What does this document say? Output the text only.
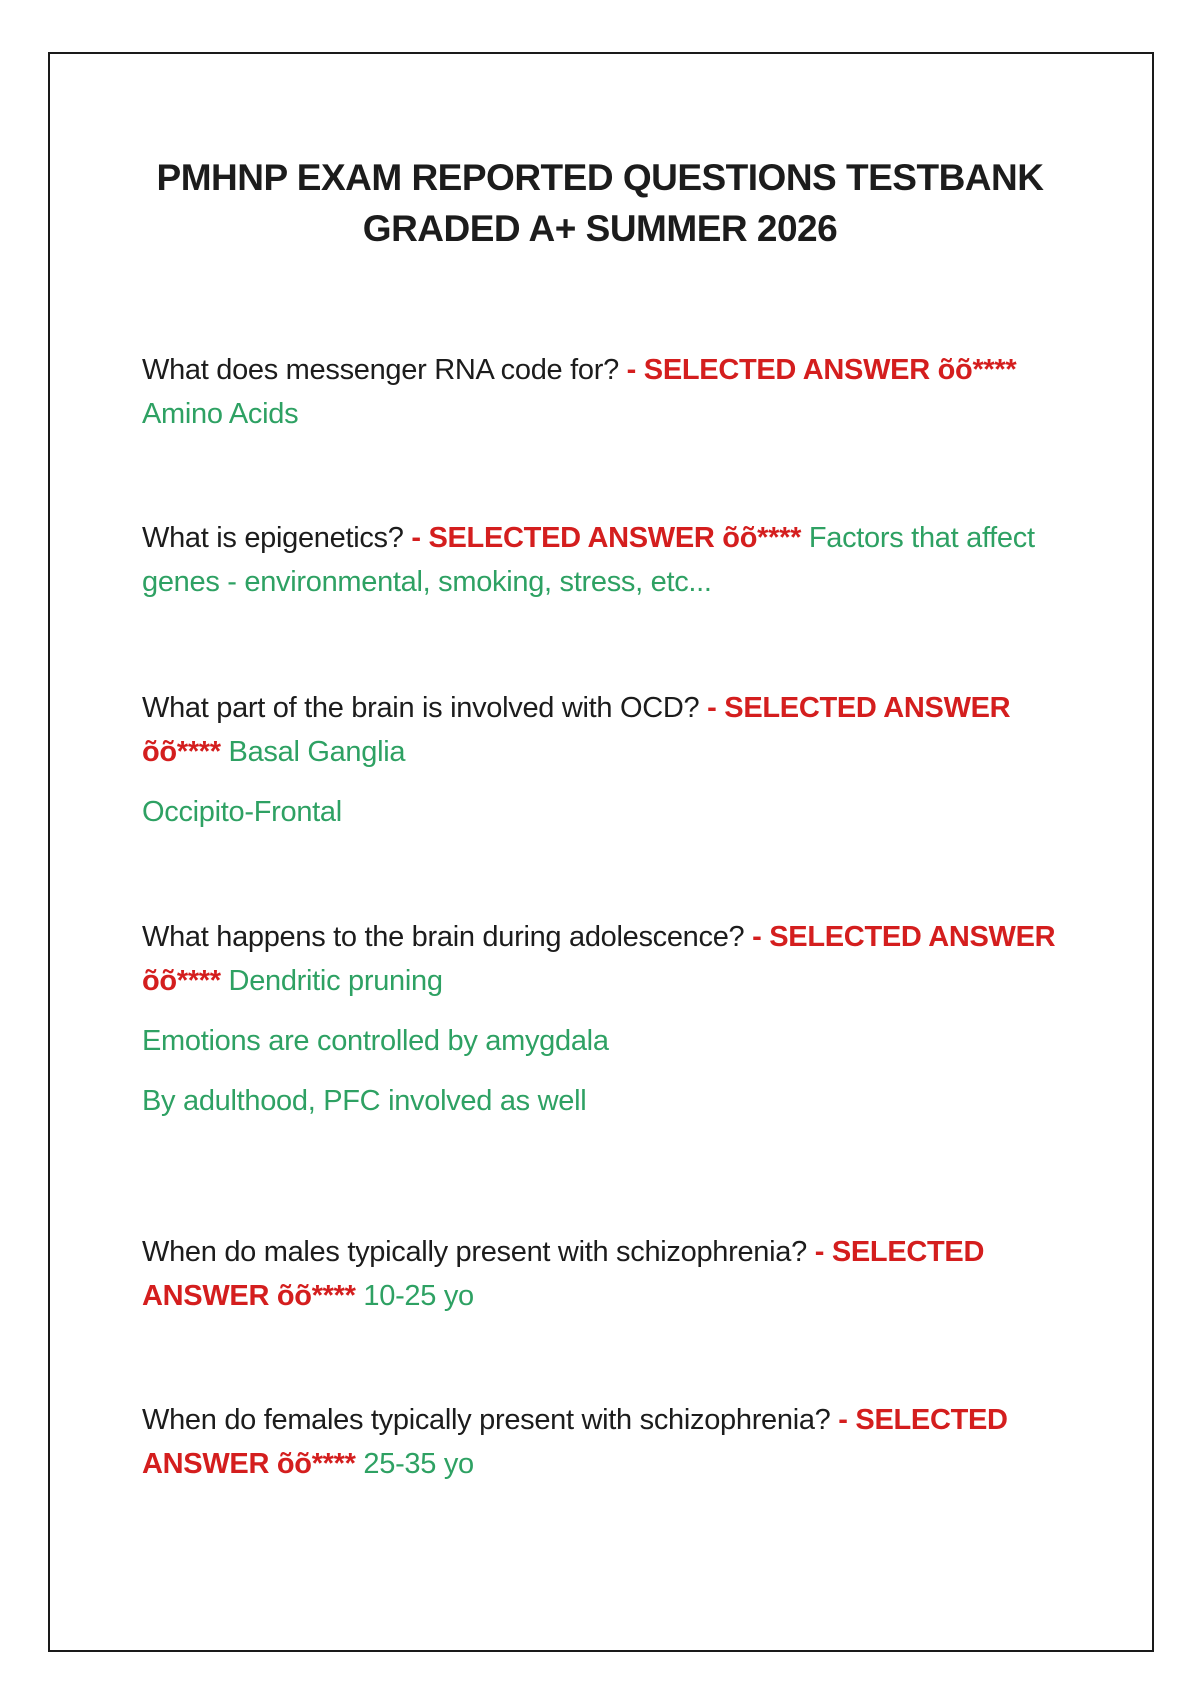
PMHNP EXAM REPORTED QUESTIONS TESTBANK
GRADED A+ SUMMER 2026
What does messenger RNA code for? - SELECTED ANSWER õõ**** Amino Acids
What is epigenetics? - SELECTED ANSWER õõ**** Factors that affect genes - environmental, smoking, stress, etc...
What part of the brain is involved with OCD? - SELECTED ANSWER õõ**** Basal Ganglia
Occipito-Frontal
What happens to the brain during adolescence? - SELECTED ANSWER õõ**** Dendritic pruning
Emotions are controlled by amygdala
By adulthood, PFC involved as well
When do males typically present with schizophrenia? - SELECTED ANSWER õõ**** 10-25 yo
When do females typically present with schizophrenia? - SELECTED ANSWER õõ**** 25-35 yo
